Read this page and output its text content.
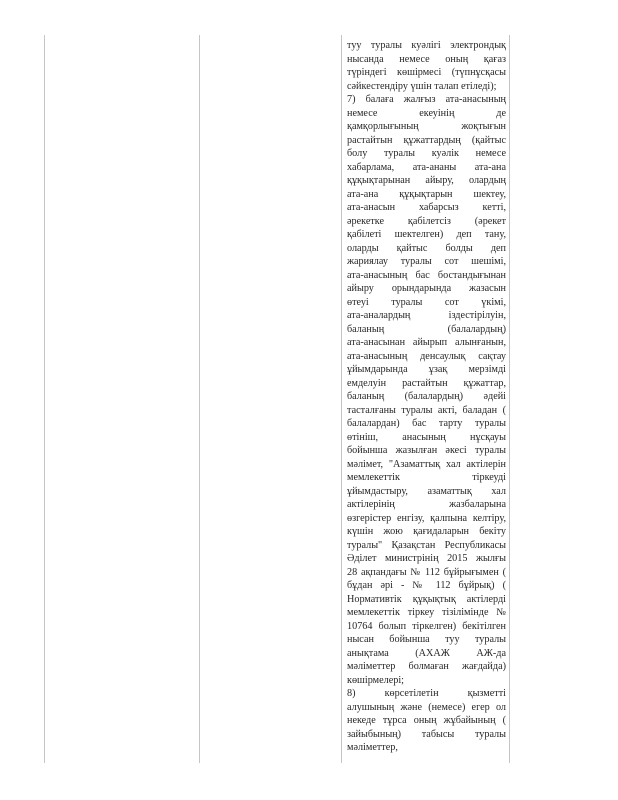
туу туралы куәлігі электрондық
нысанда немесе оның қағаз
түріндегі көшірмесі (түпнұсқасы
сәйкестендіру үшін талап етіледі);
7) балаға жалғыз ата-анасының
немесе екеуінің де
қамқорлығының жоқтығын
растайтын құжаттардың (қайтыс
болу туралы куәлік немесе
хабарлама, ата-ананы ата-ана
құқықтарынан айыру, олардың
ата-ана құқықтарын шектеу,
ата-анасын хабарсыз кетті,
әрекетке қабілетсіз (әрекет
қабілеті шектелген) деп тану,
оларды қайтыс болды деп
жариялау туралы сот шешімі,
ата-анасының бас бостандығынан
айыру орындарында жазасын
өтеуі туралы сот үкімі,
ата-аналардың іздестірілуін,
баланың (балалардың)
ата-анасынан айырып алынғанын,
ата-анасының денсаулық сақтау
ұйымдарында ұзақ мерзімді
емделуін растайтын құжаттар,
баланың (балалардың) әдейі
тасталғаны туралы акті, баладан (
балалардан) бас тарту туралы
өтініш, анасының нұсқауы
бойынша жазылған әкесі туралы
мәлімет, "Азаматтық хал актілерін
мемлекеттік тіркеуді
ұйымдастыру, азаматтық хал
актілерінің жазбаларына
өзгерістер енгізу, қалпына келтіру,
күшін жою қағидаларын бекіту
туралы" Қазақстан Республикасы
Әділет министрінің 2015 жылғы
28 ақпандағы № 112 бұйрығымен (
бұдан әрі - № 112 бұйрық) (
Нормативтік құқықтық актілерді
мемлекеттік тіркеу тізілімінде №
10764 болып тіркелген) бекітілген
нысан бойынша туу туралы
анықтама (АХАЖ АЖ-да
мәліметтер болмаған жағдайда)
көшірмелері;
8) көрсетілетін қызметті
алушының және (немесе) егер ол
некеде тұрса оның жұбайының (
зайыбының) табысы туралы
мәліметтер,
